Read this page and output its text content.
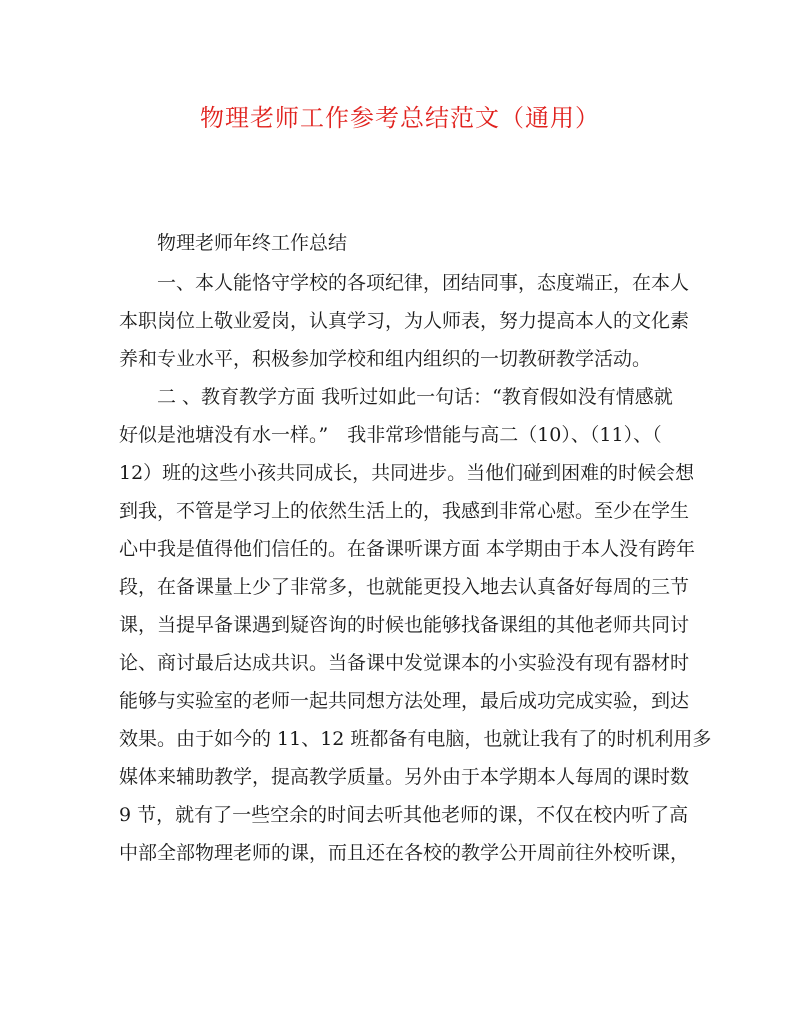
物理老师工作参考总结范文（通用）
物理老师年终工作总结
一、本人能恪守学校的各项纪律，团结同事，态度端正，在本人
本职岗位上敬业爱岗，认真学习，为人师表，努力提高本人的文化素
养和专业水平，积极参加学校和组内组织的一切教研教学活动。
二 、教育教学方面 我听过如此一句话：“教育假如没有情感就
好似是池塘没有水一样。”　我非常珍惜能与高二（10）、（11）、（
12）班的这些小孩共同成长，共同进步。当他们碰到困难的时候会想
到我，不管是学习上的依然生活上的，我感到非常心慰。至少在学生
心中我是值得他们信任的。在备课听课方面 本学期由于本人没有跨年
段，在备课量上少了非常多，也就能更投入地去认真备好每周的三节
课，当提早备课遇到疑咨询的时候也能够找备课组的其他老师共同讨
论、商讨最后达成共识。当备课中发觉课本的小实验没有现有器材时
能够与实验室的老师一起共同想方法处理，最后成功完成实验，到达
效果。由于如今的 11、12 班都备有电脑，也就让我有了的时机利用多
媒体来辅助教学，提高教学质量。另外由于本学期本人每周的课时数
9 节，就有了一些空余的时间去听其他老师的课，不仅在校内听了高
中部全部物理老师的课，而且还在各校的教学公开周前往外校听课，
